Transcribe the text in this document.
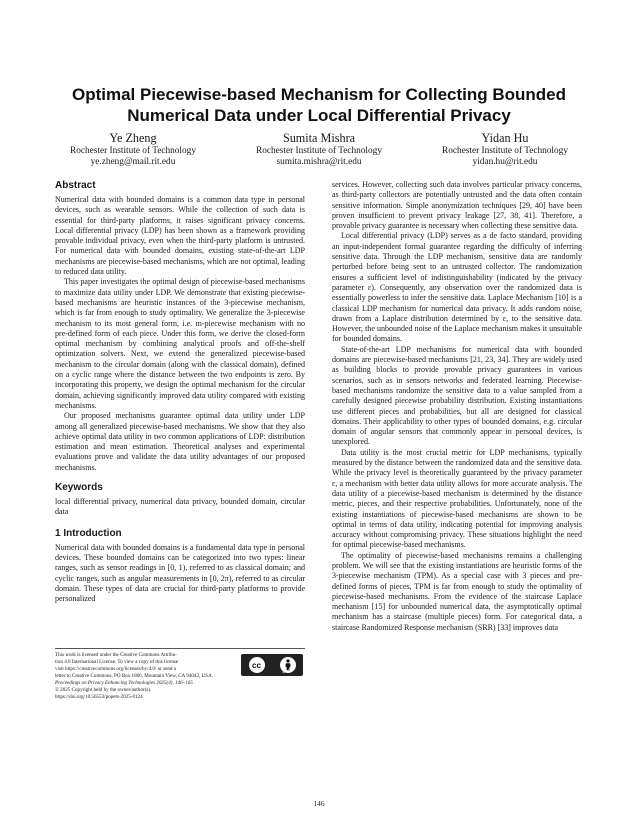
Optimal Piecewise-based Mechanism for Collecting Bounded Numerical Data under Local Differential Privacy
Ye Zheng
Rochester Institute of Technology
ye.zheng@mail.rit.edu
Sumita Mishra
Rochester Institute of Technology
sumita.mishra@rit.edu
Yidan Hu
Rochester Institute of Technology
yidan.hu@rit.edu
Abstract

Numerical data with bounded domains is a common data type in personal devices, such as wearable sensors. While the collection of such data is essential for third-party platforms, it raises significant privacy concerns. Local differential privacy (LDP) has been shown as a framework providing provable individual privacy, even when the third-party platform is untrusted. For numerical data with bounded domains, existing state-of-the-art LDP mechanisms are piecewise-based mechanisms, which are not optimal, leading to reduced data utility.

This paper investigates the optimal design of piecewise-based mechanisms to maximize data utility under LDP. We demonstrate that existing piecewise-based mechanisms are heuristic instances of the 3-piecewise mechanism, which is far from enough to study optimality. We generalize the 3-piecewise mechanism to its most general form, i.e. m-piecewise mechanism with no pre-defined form of each piece. Under this form, we derive the closed-form optimal mechanism by combining analytical proofs and off-the-shelf optimization solvers. Next, we extend the generalized piecewise-based mechanism to the circular domain (along with the classical domain), defined on a cyclic range where the distance between the two endpoints is zero. By incorporating this property, we design the optimal mechanism for the circular domain, achieving significantly improved data utility compared with existing mechanisms.

Our proposed mechanisms guarantee optimal data utility under LDP among all generalized piecewise-based mechanisms. We show that they also achieve optimal data utility in two common applications of LDP: distribution estimation and mean estimation. Theoretical analyses and experimental evaluations prove and validate the data utility advantages of our proposed mechanisms.

Keywords

local differential privacy, numerical data privacy, bounded domain, circular data

1 Introduction

Numerical data with bounded domains is a fundamental data type in personal devices. These bounded domains can be categorized into two types: linear ranges, such as sensor readings in [0, 1), referred to as classical domain; and cyclic ranges, such as angular measurements in [0, 2π), referred to as circular domain. These types of data are crucial for third-party platforms to provide personalized

services. However, collecting such data involves particular privacy concerns, as third-party collectors are potentially untrusted and the data often contain sensitive information. Simple anonymization techniques [29, 40] have been proven insufficient to prevent privacy leakage [27, 38, 41]. Therefore, a provable privacy guarantee is necessary when collecting these sensitive data.

Local differential privacy (LDP) serves as a de facto standard, providing an input-independent formal guarantee regarding the difficulty of inferring sensitive data. Through the LDP mechanism, sensitive data are randomly perturbed before being sent to an untrusted collector. The randomization ensures a sufficient level of indistinguishability (indicated by the privacy parameter ε). Consequently, any observation over the randomized data is essentially powerless to infer the sensitive data. Laplace Mechanism [10] is a classical LDP mechanism for numerical data privacy. It adds random noise, drawn from a Laplace distribution determined by ε, to the sensitive data. However, the unbounded noise of the Laplace mechanism makes it unsuitable for bounded domains.

State-of-the-art LDP mechanisms for numerical data with bounded domains are piecewise-based mechanisms [21, 23, 34]. They are widely used as building blocks to provide provable privacy guarantees in various scenarios, such as in sensors networks and federated learning. Piecewise-based mechanisms randomize the sensitive data to a value sampled from a carefully designed piecewise probability distribution. Existing instantiations use different pieces and probabilities, but all are designed for classical domains. Their applicability to other types of bounded domains, e.g. circular domain of angular sensors that commonly appear in personal devices, is unexplored.

Data utility is the most crucial metric for LDP mechanisms, typically measured by the distance between the randomized data and the sensitive data. While the privacy level is theoretically guaranteed by the privacy parameter ε, a mechanism with better data utility allows for more accurate analysis. The data utility of a piecewise-based mechanism is determined by the distance metric, pieces, and their respective probabilities. Unfortunately, none of the existing instantiations of piecewise-based mechanisms are shown to be optimal in terms of data utility, indicating potential for improving analysis accuracy without compromising privacy. These situations highlight the need for optimal piecewise-based mechanisms.

The optimality of piecewise-based mechanisms remains a challenging problem. We will see that the existing instantiations are heuristic forms of the 3-piecewise mechanism (TPM). As a special case with 3 pieces and pre-defined forms of pieces, TPM is far from enough to study the optimality of piecewise-based mechanisms. From the evidence of the staircase Laplace mechanism [15] for unbounded numerical data, the asymptotically optimal mechanism has a staircase (multiple pieces) form. For categorical data, a staircase Randomized Response mechanism (SRR) [33] improves data

This work is licensed under the Creative Commons Attribu-
tion 4.0 International License. To view a copy of this license
visit https://creativecommons.org/licenses/by/4.0/ or send a
letter to Creative Commons, PO Box 1866, Mountain View, CA 94042, USA.
Proceedings on Privacy Enhancing Technologies 2025(4), 146–165
© 2025 Copyright held by the owner/author(s).
https://doi.org/10.56553/popets-2025-0124
cc
BY
146
